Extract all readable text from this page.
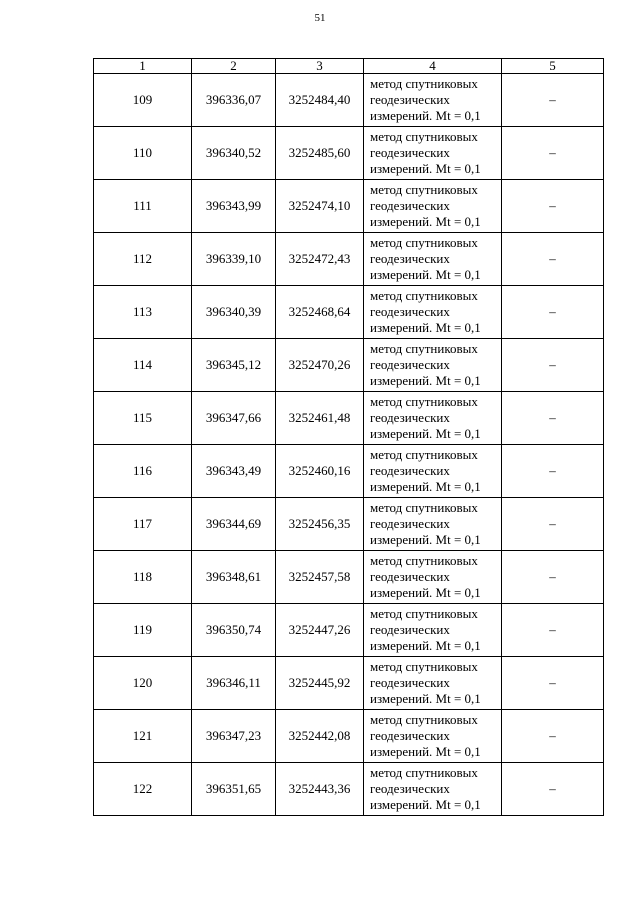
51
1	2	3	4	5
109	396336,07	3252484,40	метод спутниковых
геодезических
измерений. Mt = 0,1	–
110	396340,52	3252485,60	метод спутниковых
геодезических
измерений. Mt = 0,1	–
111	396343,99	3252474,10	метод спутниковых
геодезических
измерений. Mt = 0,1	–
112	396339,10	3252472,43	метод спутниковых
геодезических
измерений. Mt = 0,1	–
113	396340,39	3252468,64	метод спутниковых
геодезических
измерений. Mt = 0,1	–
114	396345,12	3252470,26	метод спутниковых
геодезических
измерений. Mt = 0,1	–
115	396347,66	3252461,48	метод спутниковых
геодезических
измерений. Mt = 0,1	–
116	396343,49	3252460,16	метод спутниковых
геодезических
измерений. Mt = 0,1	–
117	396344,69	3252456,35	метод спутниковых
геодезических
измерений. Mt = 0,1	–
118	396348,61	3252457,58	метод спутниковых
геодезических
измерений. Mt = 0,1	–
119	396350,74	3252447,26	метод спутниковых
геодезических
измерений. Mt = 0,1	–
120	396346,11	3252445,92	метод спутниковых
геодезических
измерений. Mt = 0,1	–
121	396347,23	3252442,08	метод спутниковых
геодезических
измерений. Mt = 0,1	–
122	396351,65	3252443,36	метод спутниковых
геодезических
измерений. Mt = 0,1	–
